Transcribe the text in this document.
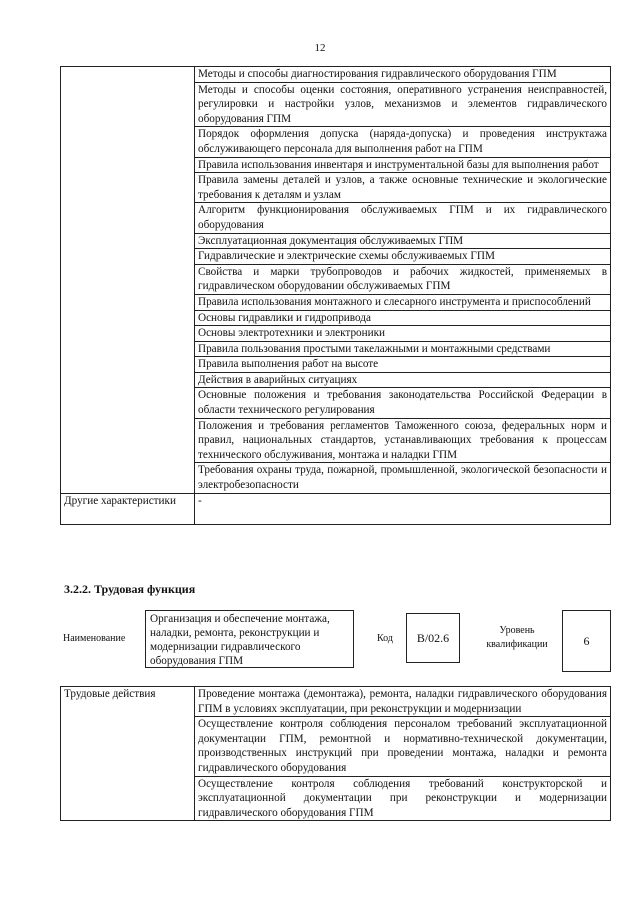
12
	Методы и способы диагностирования гидравлического оборудования ГПМ
	Методы и способы оценки состояния, оперативного устранения неисправностей, регулировки и настройки узлов, механизмов и элементов гидравлического оборудования ГПМ
	Порядок оформления допуска (наряда-допуска) и проведения инструктажа обслуживающего персонала для выполнения работ на ГПМ
	Правила использования инвентаря и инструментальной базы для выполнения работ
	Правила замены деталей и узлов, а также основные технические и экологические требования к деталям и узлам
	Алгоритм функционирования обслуживаемых ГПМ и их гидравлического оборудования
	Эксплуатационная документация обслуживаемых ГПМ
	Гидравлические и электрические схемы обслуживаемых ГПМ
	Свойства и марки трубопроводов и рабочих жидкостей, применяемых в гидравлическом оборудовании обслуживаемых ГПМ
	Правила использования монтажного и слесарного инструмента и приспособлений
	Основы гидравлики и гидропривода
	Основы электротехники и электроники
	Правила пользования простыми такелажными и монтажными средствами
	Правила выполнения работ на высоте
	Действия в аварийных ситуациях
	Основные положения и требования законодательства Российской Федерации в области технического регулирования
	Положения и требования регламентов Таможенного союза, федеральных норм и правил, национальных стандартов, устанавливающих требования к процессам технического обслуживания, монтажа и наладки ГПМ
	Требования охраны труда, пожарной, промышленной, экологической безопасности и электробезопасности
Другие характеристики	-
3.2.2. Трудовая функция
Наименование
Организация и обеспечение монтажа, наладки, ремонта, реконструкции и модернизации гидравлического оборудования ГПМ
Код	B/02.6	Уровень квалификации	6
Трудовые действия	Проведение монтажа (демонтажа), ремонта, наладки гидравлического оборудования ГПМ в условиях эксплуатации, при реконструкции и модернизации
Осуществление контроля соблюдения персоналом требований эксплуатационной документации ГПМ, ремонтной и нормативно-технической документации, производственных инструкций при проведении монтажа, наладки и ремонта гидравлического оборудования
Осуществление контроля соблюдения требований конструкторской и эксплуатационной документации при реконструкции и модернизации гидравлического оборудования ГПМ
